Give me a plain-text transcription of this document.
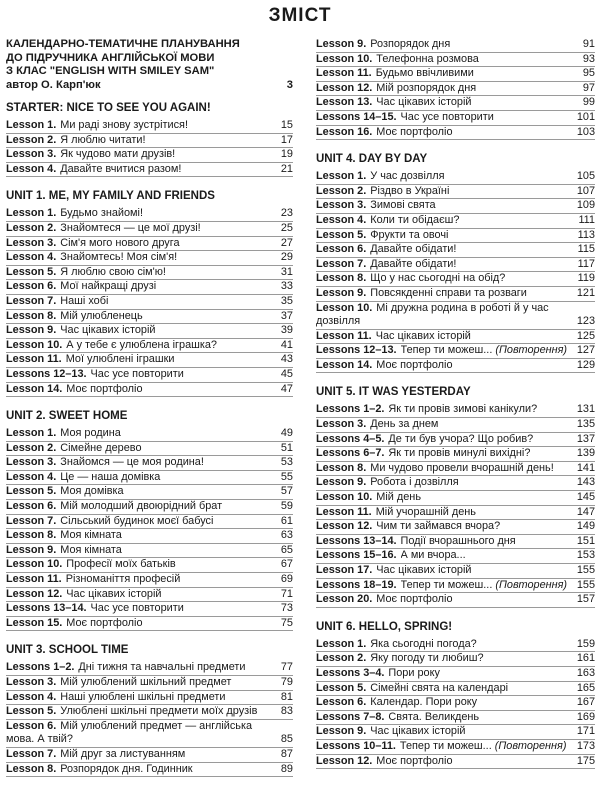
ЗМІСТ
КАЛЕНДАРНО-ТЕМАТИЧНЕ ПЛАНУВАННЯ
ДО ПІДРУЧНИКА АНГЛІЙСЬКОЇ МОВИ
З КЛАС "ENGLISH WITH SMILEY SAM"
автор О. Карп'юк	3
STARTER: NICE TO SEE YOU AGAIN!
Lesson 1. Ми раді знову зустрітися!	15
Lesson 2. Я люблю читати!	17
Lesson 3. Як чудово мати друзів!	19
Lesson 4. Давайте вчитися разом!	21
UNIT 1. ME, MY FAMILY AND FRIENDS
Lesson 1. Будьмо знайомі!	23
Lesson 2. Знайомтеся — це мої друзі!	25
Lesson 3. Сім'я мого нового друга	27
Lesson 4. Знайомтесь! Моя сім'я!	29
Lesson 5. Я люблю свою сім'ю!	31
Lesson 6. Мої найкращі друзі	33
Lesson 7. Наші хобі	35
Lesson 8. Мій улюбленець	37
Lesson 9. Час цікавих історій	39
Lesson 10. А у тебе є улюблена іграшка?	41
Lesson 11. Мої улюблені іграшки	43
Lessons 12–13. Час усе повторити	45
Lesson 14. Моє портфоліо	47
UNIT 2. SWEET HOME
Lesson 1. Моя родина	49
Lesson 2. Сімейне дерево	51
Lesson 3. Знайомся — це моя родина!	53
Lesson 4. Це — наша домівка	55
Lesson 5. Моя домівка	57
Lesson 6. Мій молодший двоюрідний брат	59
Lesson 7. Сільський будинок моєї бабусі	61
Lesson 8. Моя кімната	63
Lesson 9. Моя кімната	65
Lesson 10. Професії моїх батьків	67
Lesson 11. Різноманіття професій	69
Lesson 12. Час цікавих історій	71
Lessons 13–14. Час усе повторити	73
Lesson 15. Моє портфоліо	75
UNIT 3. SCHOOL TIME
Lessons 1–2. Дні тижня та навчальні предмети	77
Lesson 3. Мій улюблений шкільний предмет	79
Lesson 4. Наші улюблені шкільні предмети	81
Lesson 5. Улюблені шкільні предмети моїх друзів	83
Lesson 6. Мій улюблений предмет — англійська
мова. А твій?	85
Lesson 7. Мій друг за листуванням	87
Lesson 8. Розпорядок дня. Годинник	89
Lesson 9. Розпорядок дня	91
Lesson 10. Телефонна розмова	93
Lesson 11. Будьмо ввічливими	95
Lesson 12. Мій розпорядок дня	97
Lesson 13. Час цікавих історій	99
Lessons 14–15. Час усе повторити	101
Lesson 16. Моє портфоліо	103
UNIT 4. DAY BY DAY
Lesson 1. У час дозвілля	105
Lesson 2. Різдво в Україні	107
Lesson 3. Зимові свята	109
Lesson 4. Коли ти обідаєш?	111
Lesson 5. Фрукти та овочі	113
Lesson 6. Давайте обідати!	115
Lesson 7. Давайте обідати!	117
Lesson 8. Що у нас сьогодні на обід?	119
Lesson 9. Повсякденні справи та розваги	121
Lesson 10. Мі дружна родина в роботі й у час
дозвілля	123
Lesson 11. Час цікавих історій	125
Lessons 12–13. Тепер ти можеш... (Повторення) 127
Lesson 14. Моє портфоліо	129
UNIT 5. IT WAS YESTERDAY
Lessons 1–2. Як ти провів зимові канікули?	131
Lesson 3. День за днем	135
Lessons 4–5. Де ти був учора? Що робив?	137
Lessons 6–7. Як ти провів минулі вихідні?	139
Lesson 8. Ми чудово провели вчорашній день!	141
Lesson 9. Робота і дозвілля	143
Lesson 10. Мій день	145
Lesson 11. Мій учорашній день	147
Lesson 12. Чим ти займався вчора?	149
Lessons 13–14. Події вчорашнього дня	151
Lessons 15–16. А ми вчора...	153
Lesson 17. Час цікавих історій	155
Lessons 18–19. Тепер ти можеш... (Повторення) 155
Lesson 20. Моє портфоліо	157
UNIT 6. HELLO, SPRING!
Lesson 1. Яка сьогодні погода?	159
Lesson 2. Яку погоду ти любиш?	161
Lessons 3–4. Пори року	163
Lesson 5. Сімейні свята на календарі	165
Lesson 6. Календар. Пори року	167
Lessons 7–8. Свята. Великдень	169
Lesson 9. Час цікавих історій	171
Lessons 10–11. Тепер ти можеш... (Повторення) 173
Lesson 12. Моє портфоліо	175
